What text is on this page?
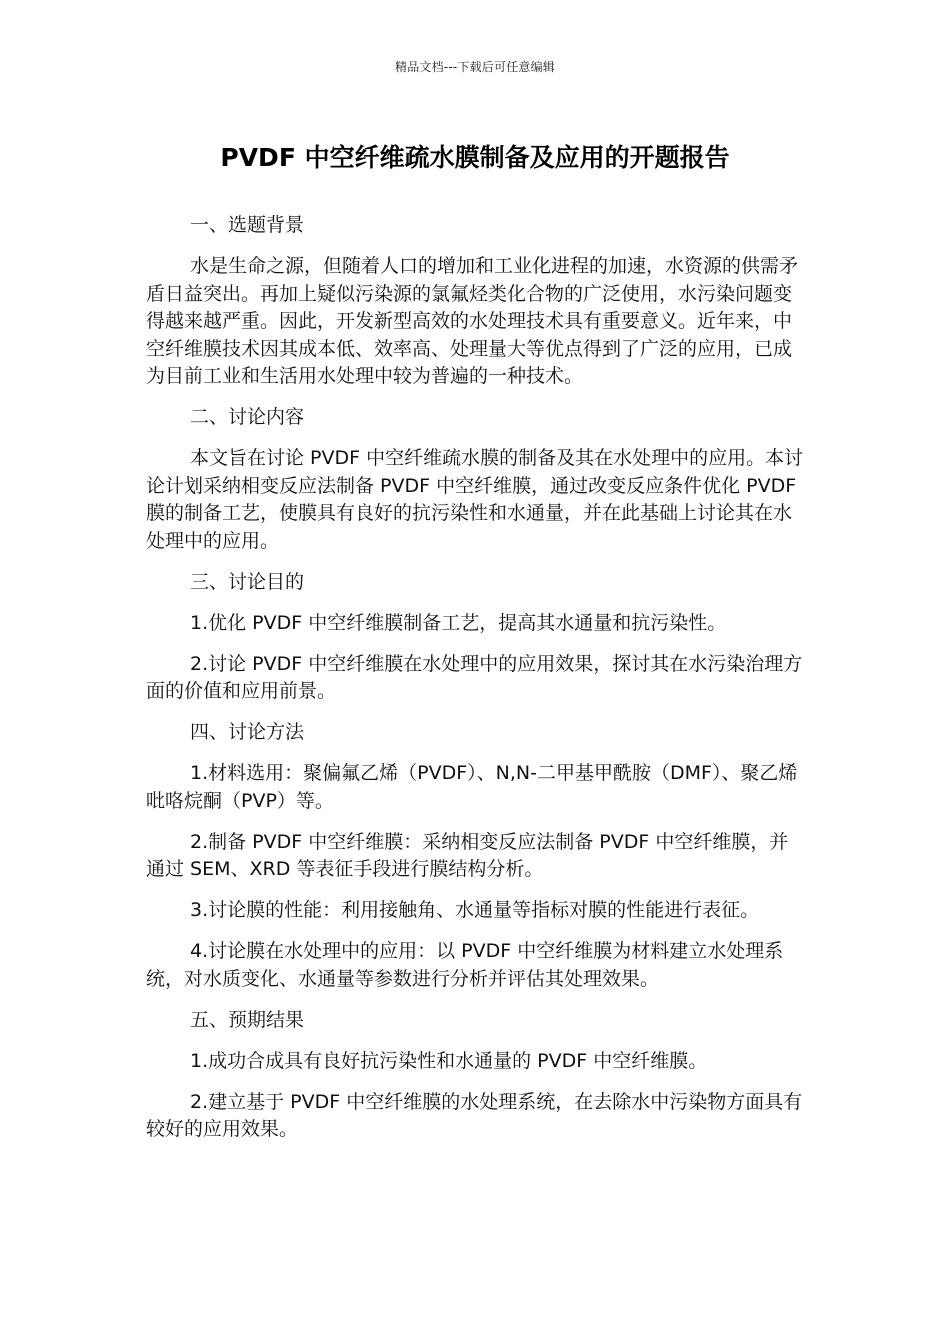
精品文档---下载后可任意编辑
PVDF 中空纤维疏水膜制备及应用的开题报告

一、选题背景

水是生命之源，但随着人口的增加和工业化进程的加速，水资源的供需矛盾日益突出。再加上疑似污染源的氯氟烃类化合物的广泛使用，水污染问题变得越来越严重。因此，开发新型高效的水处理技术具有重要意义。近年来，中空纤维膜技术因其成本低、效率高、处理量大等优点得到了广泛的应用，已成为目前工业和生活用水处理中较为普遍的一种技术。

二、讨论内容

本文旨在讨论 PVDF 中空纤维疏水膜的制备及其在水处理中的应用。本讨论计划采纳相变反应法制备 PVDF 中空纤维膜，通过改变反应条件优化 PVDF 膜的制备工艺，使膜具有良好的抗污染性和水通量，并在此基础上讨论其在水处理中的应用。

三、讨论目的

1.优化 PVDF 中空纤维膜制备工艺，提高其水通量和抗污染性。

2.讨论 PVDF 中空纤维膜在水处理中的应用效果，探讨其在水污染治理方面的价值和应用前景。

四、讨论方法

1.材料选用：聚偏氟乙烯（PVDF）、N,N-二甲基甲酰胺（DMF）、聚乙烯吡咯烷酮（PVP）等。

2.制备 PVDF 中空纤维膜：采纳相变反应法制备 PVDF 中空纤维膜，并通过 SEM、XRD 等表征手段进行膜结构分析。

3.讨论膜的性能：利用接触角、水通量等指标对膜的性能进行表征。

4.讨论膜在水处理中的应用：以 PVDF 中空纤维膜为材料建立水处理系统，对水质变化、水通量等参数进行分析并评估其处理效果。

五、预期结果

1.成功合成具有良好抗污染性和水通量的 PVDF 中空纤维膜。

2.建立基于 PVDF 中空纤维膜的水处理系统，在去除水中污染物方面具有较好的应用效果。
